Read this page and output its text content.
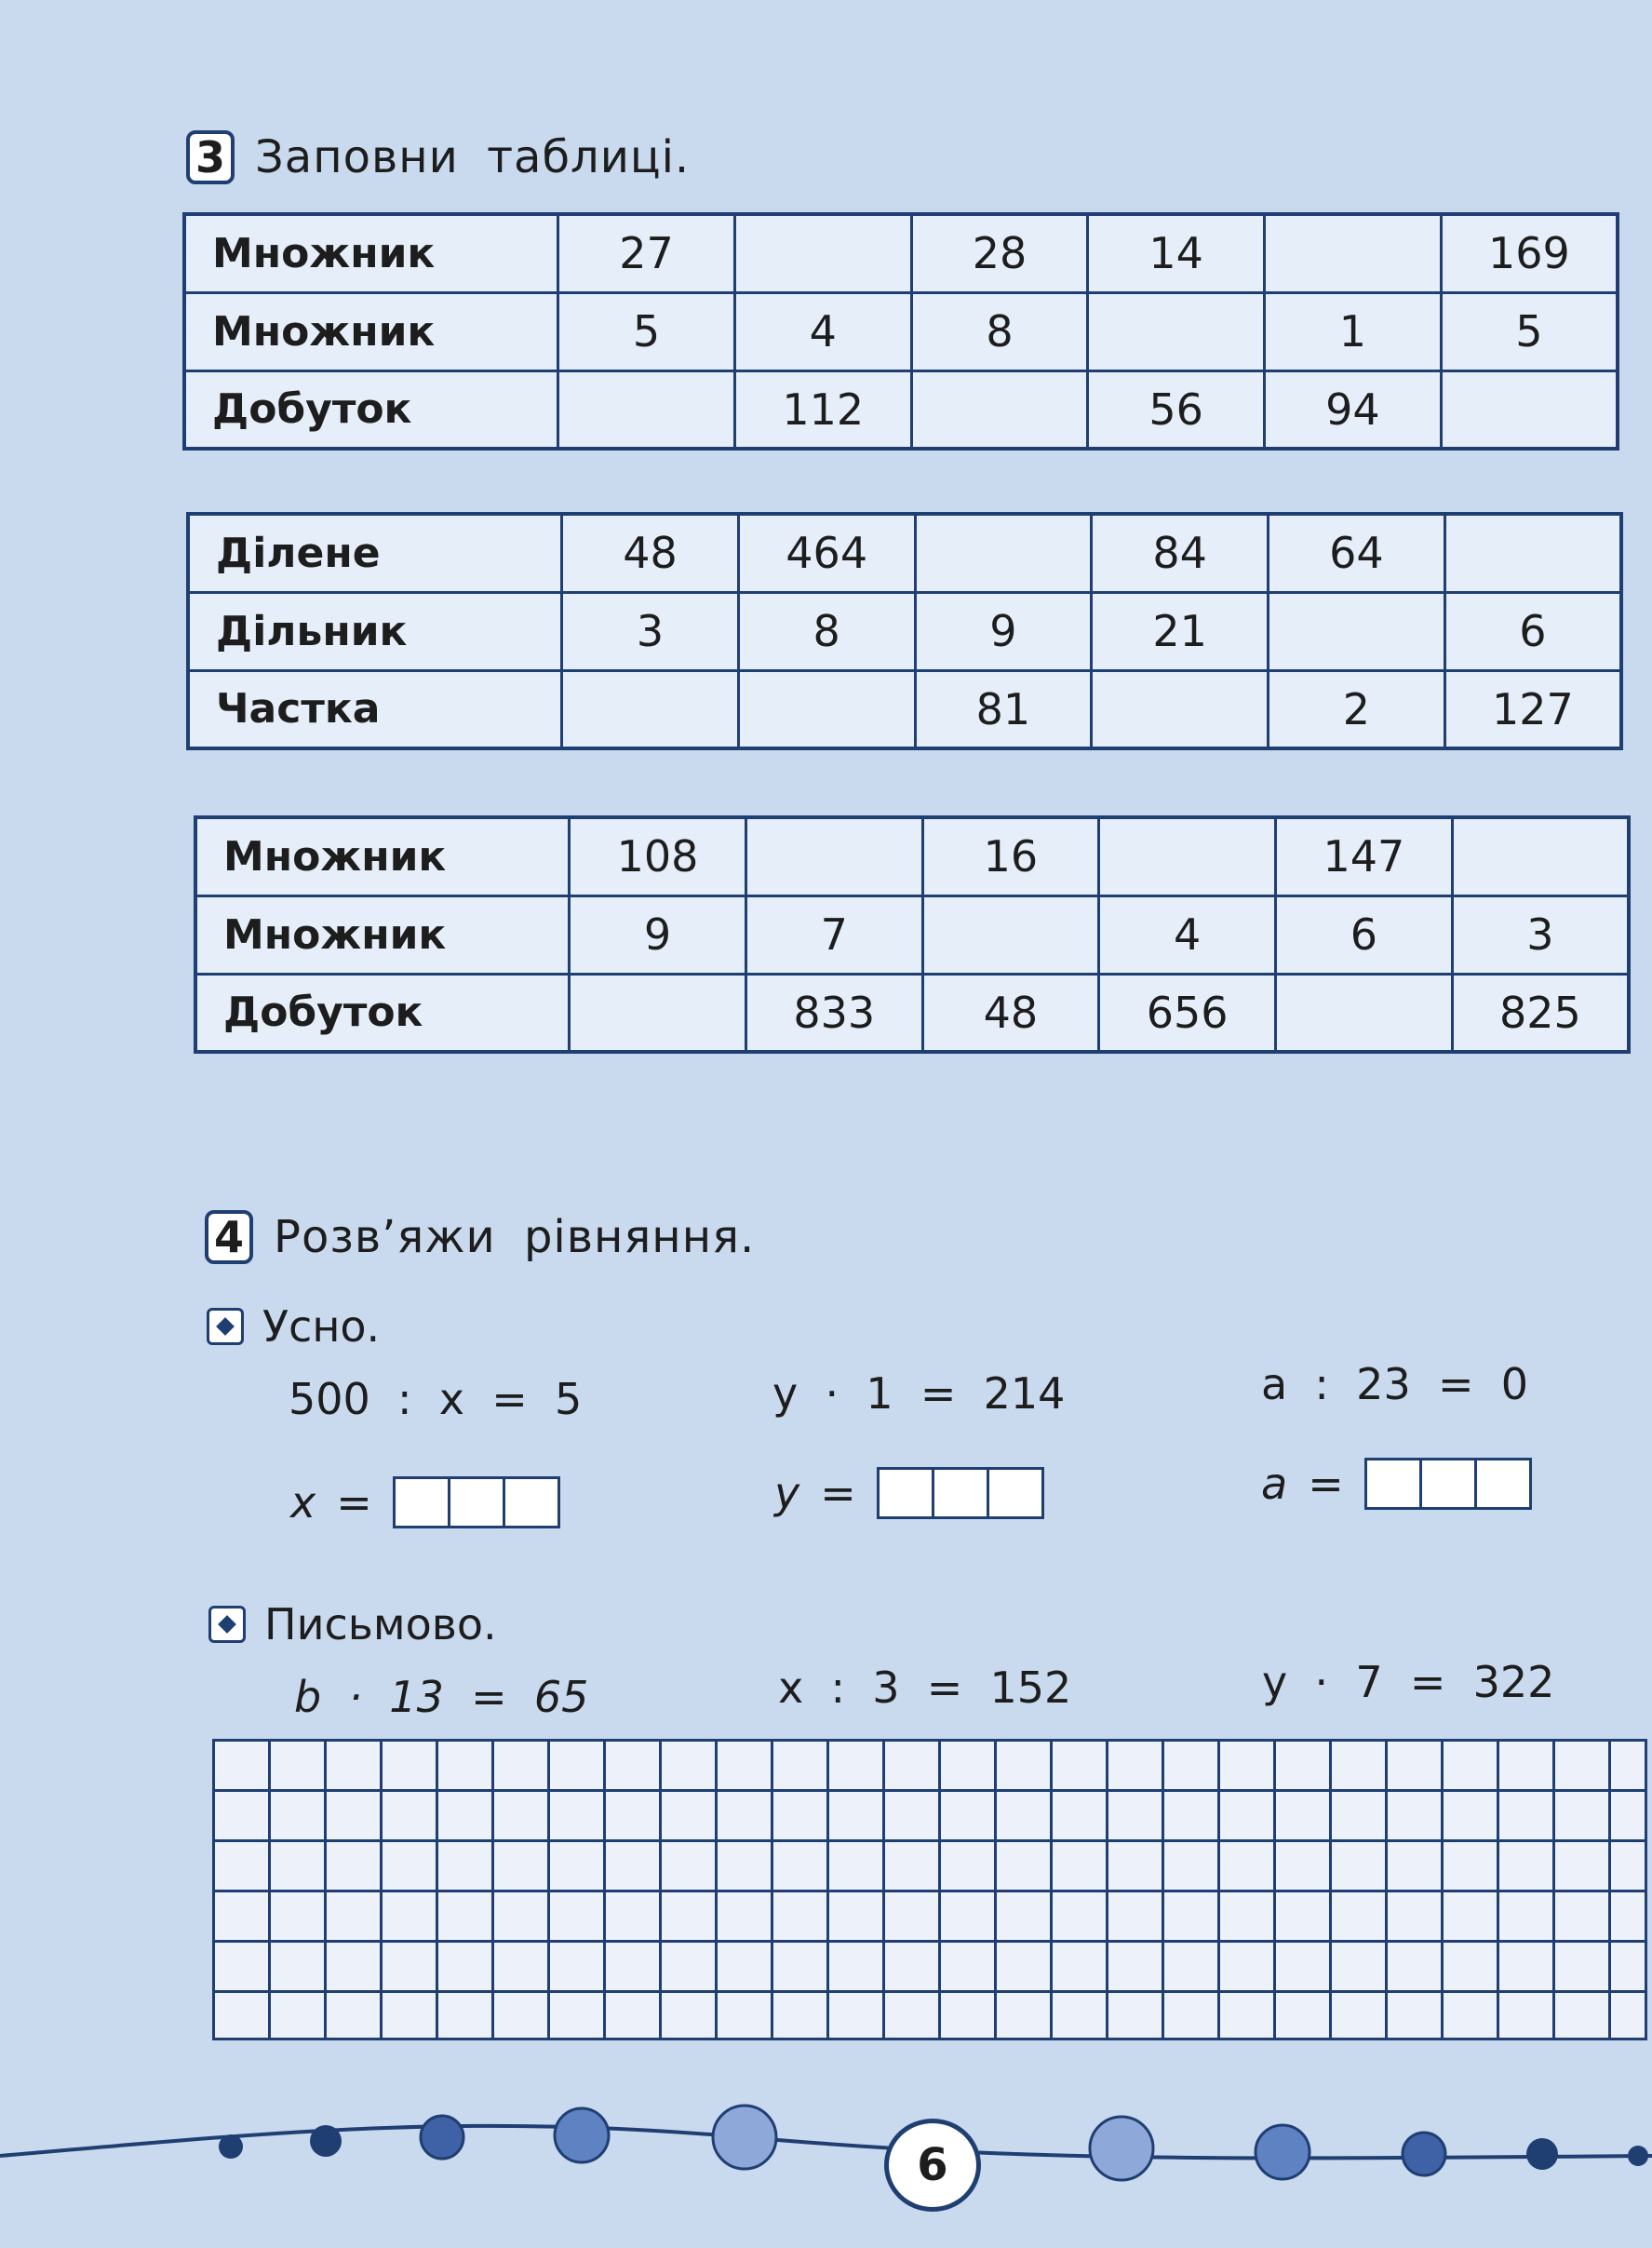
3 Заповни таблиці.
Множник	27		28	14		169
Множник	5	4	8		1	5
Добуток		112		56	94	
Ділене	48	464		84	64	
Дільник	3	8	9	21		6
Частка			81		2	127
Множник	108		16		147	
Множник	9	7		4	6	3
Добуток		833	48	656		825
4 Розв’яжи рівняння.
Усно.
500  :  x  =  5	y  ·  1  =  214	a  :  23  =  0
x =	y =	a =
Письмово.
b  ·  13  =  65	x  :  3  =  152	y  ·  7  =  322
6
